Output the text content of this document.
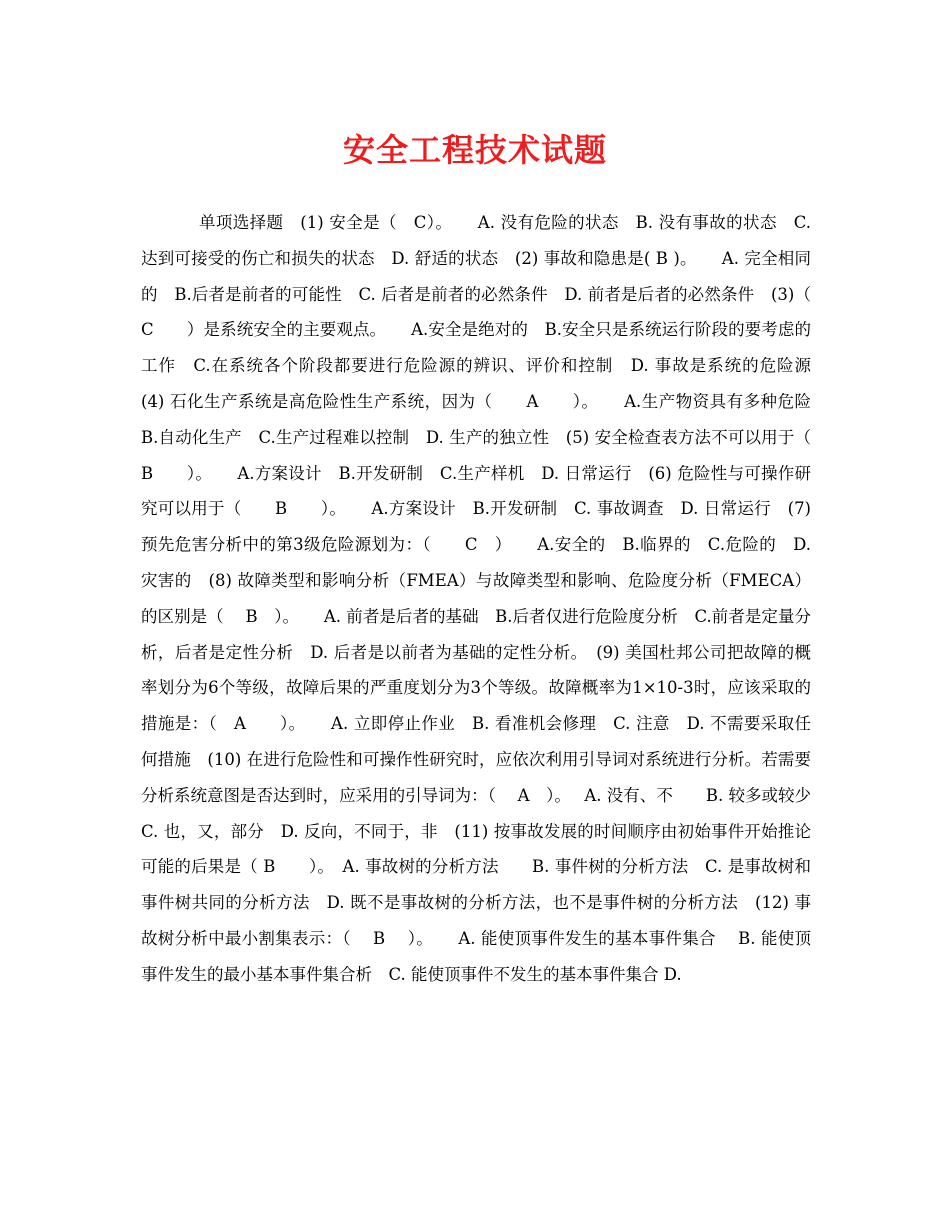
安全工程技术试题

单项选择题　(1) 安全是（　C）。　　A. 没有危险的状态　B. 没有事故的状态　C.达到可接受的伤亡和损失的状态　D. 舒适的状态　(2) 事故和隐患是( B )。　　A. 完全相同的　B.后者是前者的可能性　C. 后者是前者的必然条件　D. 前者是后者的必然条件　(3)（　C　　）是系统安全的主要观点。　　A.安全是绝对的　B.安全只是系统运行阶段的要考虑的工作　C.在系统各个阶段都要进行危险源的辨识、评价和控制　D. 事故是系统的危险源　(4) 石化生产系统是高危险性生产系统，因为（　　A　　）。　　A.生产物资具有多种危险　B.自动化生产　C.生产过程难以控制　D. 生产的独立性　(5) 安全检查表方法不可以用于（　B　　）。　　A.方案设计　B.开发研制　C.生产样机　D. 日常运行　(6) 危险性与可操作研究可以用于（　　B　　）。　　A.方案设计　B.开发研制　C. 事故调查　D. 日常运行　(7) 预先危害分析中的第3级危险源划为：（　　C　）　　A.安全的　B.临界的　C.危险的　D. 灾害的　(8) 故障类型和影响分析（FMEA）与故障类型和影响、危险度分析（FMECA）的区别是（　 B　）。　　A. 前者是后者的基础　B.后者仅进行危险度分析　C.前者是定量分析，后者是定性分析　D. 后者是以前者为基础的定性分析。　(9) 美国杜邦公司把故障的概率划分为6个等级，故障后果的严重度划分为3个等级。故障概率为1×10-3时，应该采取的措施是：（　A　　）。　　A. 立即停止作业　B. 看准机会修理　C. 注意　D. 不需要采取任何措施　(10) 在进行危险性和可操作性研究时，应依次利用引导词对系统进行分析。若需要分析系统意图是否达到时，应采用的引导词为：（　 A　）。　 A. 没有、不　　B. 较多或较少　C. 也，又，部分　D. 反向，不同于，非　(11) 按事故发展的时间顺序由初始事件开始推论可能的后果是（ B　　）。　A. 事故树的分析方法　　B. 事件树的分析方法　C. 是事故树和事件树共同的分析方法　D. 既不是事故树的分析方法，也不是事件树的分析方法　(12) 事故树分析中最小割集表示：（　 B　 ）。　　A. 能使顶事件发生的基本事件集合　 B. 能使顶事件发生的最小基本事件集合析　C. 能使顶事件不发生的基本事件集合 D.
